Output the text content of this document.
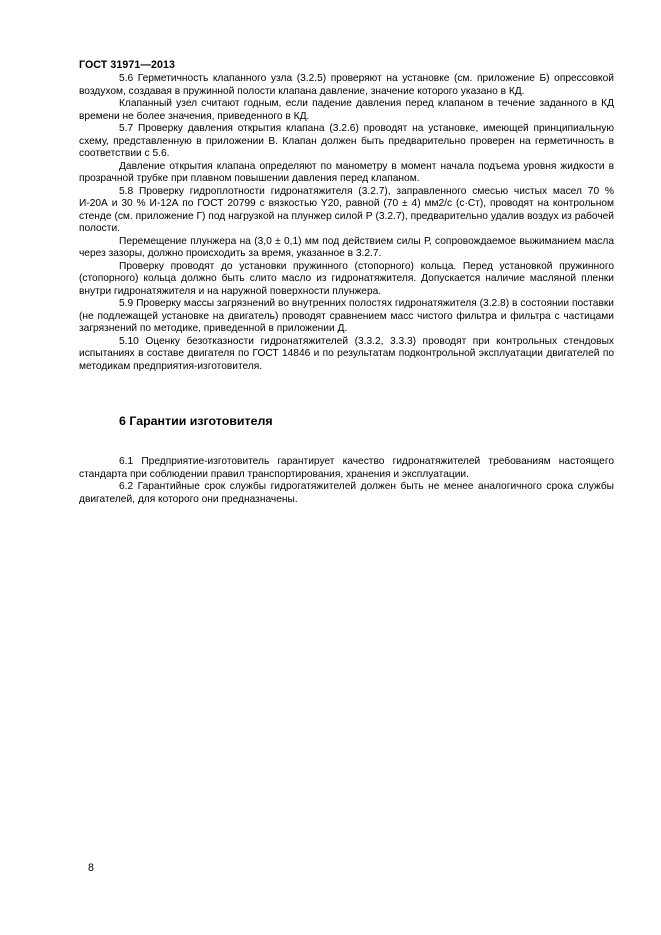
ГОСТ 31971—2013

5.6 Герметичность клапанного узла (3.2.5) проверяют на установке (см. приложение Б) опрессовкой воздухом, создавая в пружинной полости клапана давление, значение которого указано в КД.

Клапанный узел считают годным, если падение давления перед клапаном в течение заданного в КД времени не более значения, приведенного в КД.

5.7 Проверку давления открытия клапана (3.2.6) проводят на установке, имеющей принципиальную схему, представленную в приложении В. Клапан должен быть предварительно проверен на герметичность в соответствии с 5.6.

Давление открытия клапана определяют по манометру в момент начала подъема уровня жидкости в прозрачной трубке при плавном повышении давления перед клапаном.

5.8 Проверку гидроплотности гидронатяжителя (3.2.7), заправленного смесью чистых масел 70 % И-20А и 30 % И-12А по ГОСТ 20799 с вязкостью Y20, равной (70 ± 4) мм2/с (с·Ст), проводят на контрольном стенде (см. приложение Г) под нагрузкой на плунжер силой Р (3.2.7), предварительно удалив воздух из рабочей полости.

Перемещение плунжера на (3,0 ± 0,1) мм под действием силы Р, сопровождаемое выжиманием масла через зазоры, должно происходить за время, указанное в 3.2.7.

Проверку проводят до установки пружинного (стопорного) кольца. Перед установкой пружинного (стопорного) кольца должно быть слито масло из гидронатяжителя. Допускается наличие масляной пленки внутри гидронатяжителя и на наружной поверхности плунжера.

5.9 Проверку массы загрязнений во внутренних полостях гидронатяжителя (3.2.8) в состоянии поставки (не подлежащей установке на двигатель) проводят сравнением масс чистого фильтра и фильтра с частицами загрязнений по методике, приведенной в приложении Д.

5.10 Оценку безотказности гидронатяжителей (3.3.2, 3.3.3) проводят при контрольных стендовых испытаниях в составе двигателя по ГОСТ 14846 и по результатам подконтрольной эксплуатации двигателей по методикам предприятия-изготовителя.

6 Гарантии изготовителя

6.1 Предприятие-изготовитель гарантирует качество гидронатяжителей требованиям настоящего стандарта при соблюдении правил транспортирования, хранения и эксплуатации.

6.2 Гарантийные срок службы гидрогатяжителей должен быть не менее аналогичного срока службы двигателей, для которого они предназначены.

8
